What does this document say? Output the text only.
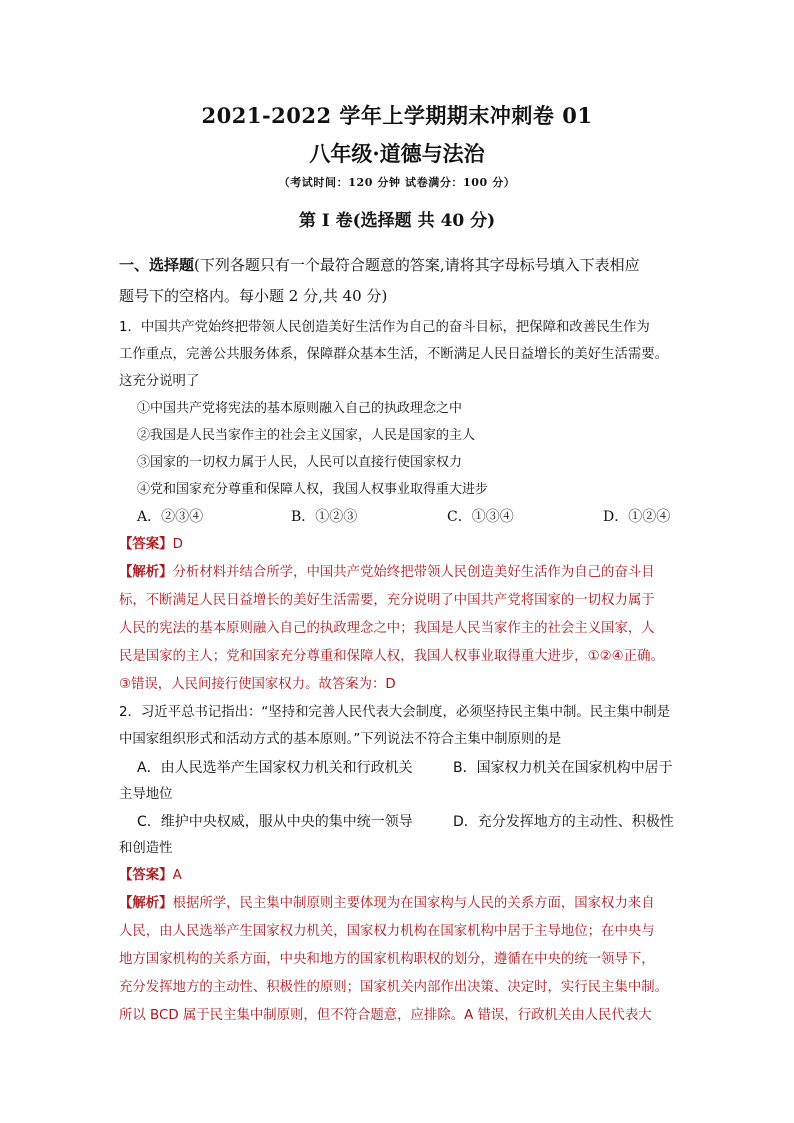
2021-2022 学年上学期期末冲刺卷 01
八年级·道德与法治
（考试时间：120 分钟 试卷满分：100 分）
第 I 卷(选择题 共 40 分)
一、选择题(下列各题只有一个最符合题意的答案,请将其字母标号填入下表相应
题号下的空格内。每小题 2 分,共 40 分)
1．中国共产党始终把带领人民创造美好生活作为自己的奋斗目标，把保障和改善民生作为
工作重点，完善公共服务体系，保障群众基本生活，不断满足人民日益增长的美好生活需要。
这充分说明了
①中国共产党将宪法的基本原则融入自己的执政理念之中
②我国是人民当家作主的社会主义国家，人民是国家的主人
③国家的一切权力属于人民，人民可以直接行使国家权力
④党和国家充分尊重和保障人权，我国人权事业取得重大进步
A．②③④	B．①②③	C．①③④	D．①②④
【答案】D
【解析】分析材料并结合所学，中国共产党始终把带领人民创造美好生活作为自己的奋斗目
标，不断满足人民日益增长的美好生活需要，充分说明了中国共产党将国家的一切权力属于
人民的宪法的基本原则融入自己的执政理念之中；我国是人民当家作主的社会主义国家，人
民是国家的主人；党和国家充分尊重和保障人权，我国人权事业取得重大进步，①②④正确。
③错误，人民间接行使国家权力。故答案为：D
2．习近平总书记指出：“坚持和完善人民代表大会制度，必须坚持民主集中制。民主集中制是
中国家组织形式和活动方式的基本原则。”下列说法不符合主集中制原则的是
A．由人民选举产生国家权力机关和行政机关	B．国家权力机关在国家机构中居于
主导地位
C．维护中央权威，服从中央的集中统一领导	D．充分发挥地方的主动性、积极性
和创造性
【答案】A
【解析】根据所学，民主集中制原则主要体现为在国家构与人民的关系方面，国家权力来自
人民，由人民选举产生国家权力机关，国家权力机构在国家机构中居于主导地位；在中央与
地方国家机构的关系方面，中央和地方的国家机构职权的划分，遵循在中央的统一领导下，
充分发挥地方的主动性、积极性的原则；国家机关内部作出决策、决定时，实行民主集中制。
所以 BCD 属于民主集中制原则，但不符合题意，应排除。A 错误，行政机关由人民代表大
